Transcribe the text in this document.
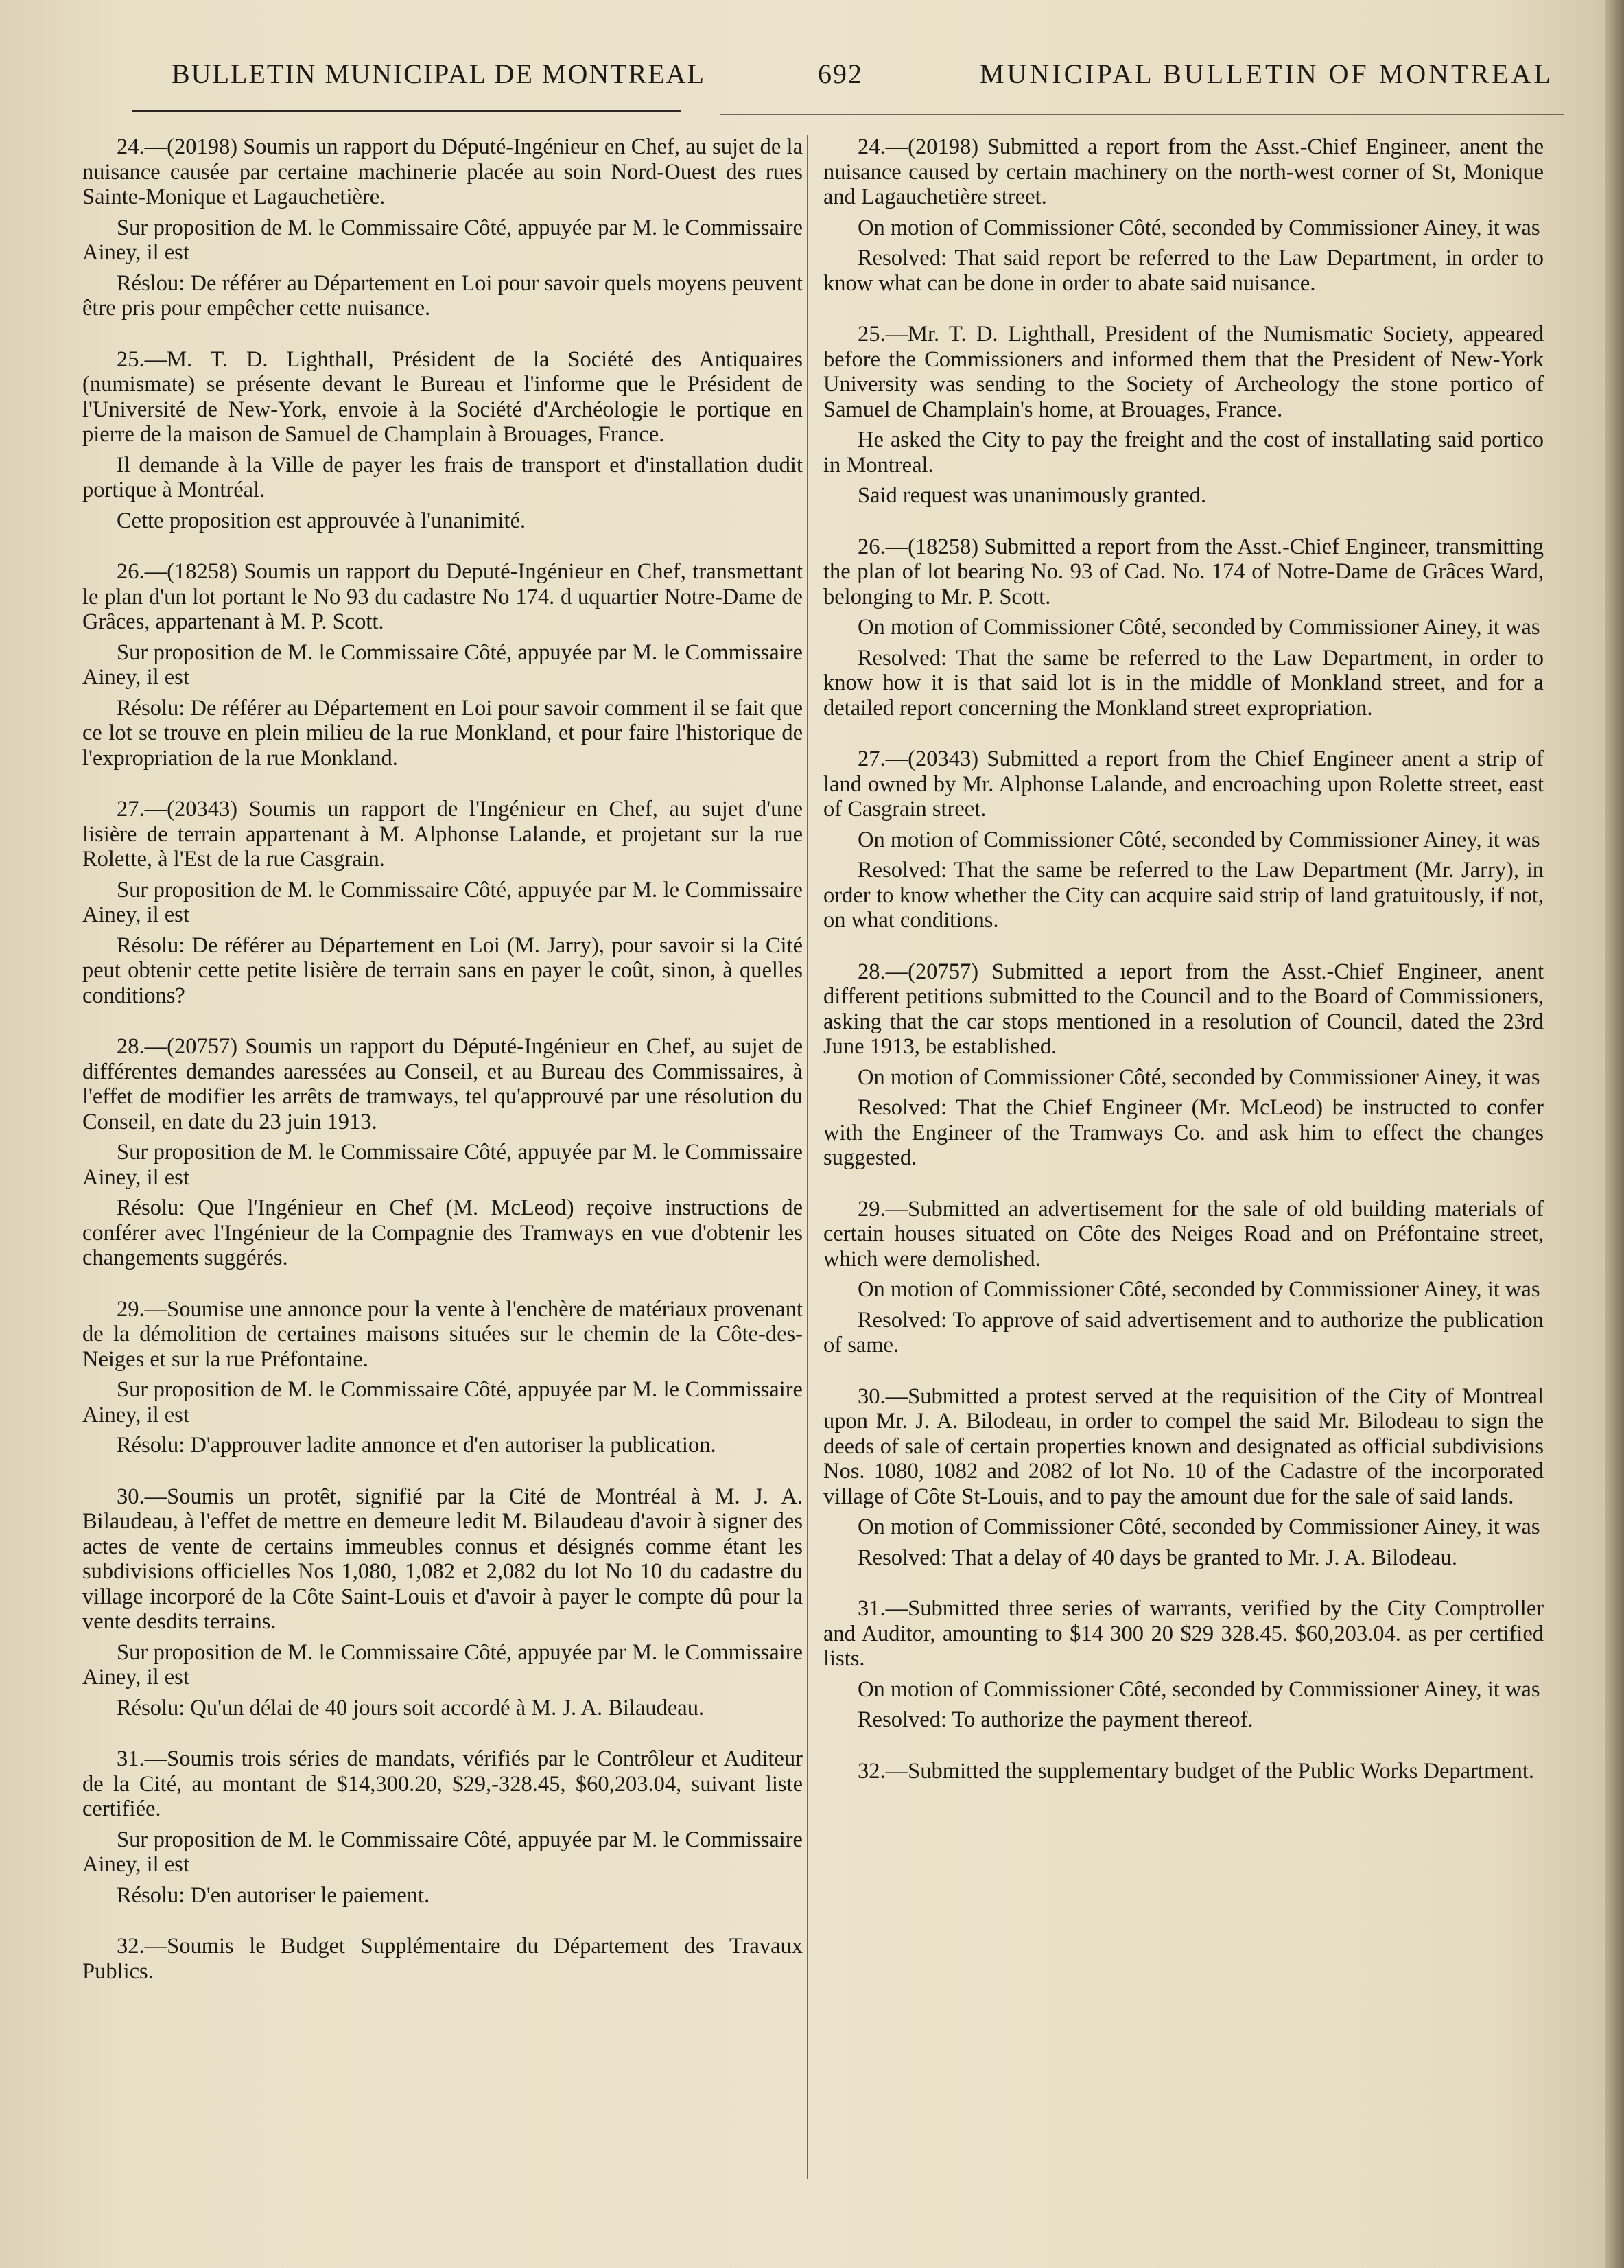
BULLETIN MUNICIPAL DE MONTREAL	692	MUNICIPAL BULLETIN OF MONTREAL

24.—(20198) Soumis un rapport du Député-Ingénieur en Chef, au sujet de la nuisance causée par certaine machinerie placée au soin Nord-Ouest des rues Sainte-Monique et Lagauchetière.

Sur proposition de M. le Commissaire Côté, appuyée par M. le Commissaire Ainey, il est

Réslou: De référer au Département en Loi pour savoir quels moyens peuvent être pris pour empêcher cette nuisance.

25.—M. T. D. Lighthall, Président de la Société des Antiquaires (numismate) se présente devant le Bureau et l'informe que le Président de l'Université de New-York, envoie à la Société d'Archéologie le portique en pierre de la maison de Samuel de Champlain à Brouages, France.

Il demande à la Ville de payer les frais de transport et d'installation dudit portique à Montréal.

Cette proposition est approuvée à l'unanimité.

26.—(18258) Soumis un rapport du Deputé-Ingénieur en Chef, transmettant le plan d'un lot portant le No 93 du cadastre No 174. d uquartier Notre-Dame de Grâces, appartenant à M. P. Scott.

Sur proposition de M. le Commissaire Côté, appuyée par M. le Commissaire Ainey, il est

Résolu: De référer au Département en Loi pour savoir comment il se fait que ce lot se trouve en plein milieu de la rue Monkland, et pour faire l'historique de l'expropriation de la rue Monkland.

27.—(20343) Soumis un rapport de l'Ingénieur en Chef, au sujet d'une lisière de terrain appartenant à M. Alphonse Lalande, et projetant sur la rue Rolette, à l'Est de la rue Casgrain.

Sur proposition de M. le Commissaire Côté, appuyée par M. le Commissaire Ainey, il est

Résolu: De référer au Département en Loi (M. Jarry), pour savoir si la Cité peut obtenir cette petite lisière de terrain sans en payer le coût, sinon, à quelles conditions?

28.—(20757) Soumis un rapport du Député-Ingénieur en Chef, au sujet de différentes demandes aaressées au Conseil, et au Bureau des Commissaires, à l'effet de modifier les arrêts de tramways, tel qu'approuvé par une résolution du Conseil, en date du 23 juin 1913.

Sur proposition de M. le Commissaire Côté, appuyée par M. le Commissaire Ainey, il est

Résolu: Que l'Ingénieur en Chef (M. McLeod) reçoive instructions de conférer avec l'Ingénieur de la Compagnie des Tramways en vue d'obtenir les changements suggérés.

29.—Soumise une annonce pour la vente à l'enchère de matériaux provenant de la démolition de certaines maisons situées sur le chemin de la Côte-des-Neiges et sur la rue Préfontaine.

Sur proposition de M. le Commissaire Côté, appuyée par M. le Commissaire Ainey, il est

Résolu: D'approuver ladite annonce et d'en autoriser la publication.

30.—Soumis un protêt, signifié par la Cité de Montréal à M. J. A. Bilaudeau, à l'effet de mettre en demeure ledit M. Bilaudeau d'avoir à signer des actes de vente de certains immeubles connus et désignés comme étant les subdivisions officielles Nos 1,080, 1,082 et 2,082 du lot No 10 du cadastre du village incorporé de la Côte Saint-Louis et d'avoir à payer le compte dû pour la vente desdits terrains.

Sur proposition de M. le Commissaire Côté, appuyée par M. le Commissaire Ainey, il est

Résolu: Qu'un délai de 40 jours soit accordé à M. J. A. Bilaudeau.

31.—Soumis trois séries de mandats, vérifiés par le Contrôleur et Auditeur de la Cité, au montant de $14,300.20, $29,-328.45, $60,203.04, suivant liste certifiée.

Sur proposition de M. le Commissaire Côté, appuyée par M. le Commissaire Ainey, il est

Résolu: D'en autoriser le paiement.

32.—Soumis le Budget Supplémentaire du Département des Travaux Publics.

24.—(20198) Submitted a report from the Asst.-Chief Engineer, anent the nuisance caused by certain machinery on the north-west corner of St, Monique and Lagauchetière street.

On motion of Commissioner Côté, seconded by Commissioner Ainey, it was

Resolved: That said report be referred to the Law Department, in order to know what can be done in order to abate said nuisance.

25.—Mr. T. D. Lighthall, President of the Numismatic Society, appeared before the Commissioners and informed them that the President of New-York University was sending to the Society of Archeology the stone portico of Samuel de Champlain's home, at Brouages, France.

He asked the City to pay the freight and the cost of installating said portico in Montreal.

Said request was unanimously granted.

26.—(18258) Submitted a report from the Asst.-Chief Engineer, transmitting the plan of lot bearing No. 93 of Cad. No. 174 of Notre-Dame de Grâces Ward, belonging to Mr. P. Scott.

On motion of Commissioner Côté, seconded by Commissioner Ainey, it was

Resolved: That the same be referred to the Law Department, in order to know how it is that said lot is in the middle of Monkland street, and for a detailed report concerning the Monkland street expropriation.

27.—(20343) Submitted a report from the Chief Engineer anent a strip of land owned by Mr. Alphonse Lalande, and encroaching upon Rolette street, east of Casgrain street.

On motion of Commissioner Côté, seconded by Commissioner Ainey, it was

Resolved: That the same be referred to the Law Department (Mr. Jarry), in order to know whether the City can acquire said strip of land gratuitously, if not, on what conditions.

28.—(20757) Submitted a ıeport from the Asst.-Chief Engineer, anent different petitions submitted to the Council and to the Board of Commissioners, asking that the car stops mentioned in a resolution of Council, dated the 23rd June 1913, be established.

On motion of Commissioner Côté, seconded by Commissioner Ainey, it was

Resolved: That the Chief Engineer (Mr. McLeod) be instructed to confer with the Engineer of the Tramways Co. and ask him to effect the changes suggested.

29.—Submitted an advertisement for the sale of old building materials of certain houses situated on Côte des Neiges Road and on Préfontaine street, which were demolished.

On motion of Commissioner Côté, seconded by Commissioner Ainey, it was

Resolved: To approve of said advertisement and to authorize the publication of same.

30.—Submitted a protest served at the requisition of the City of Montreal upon Mr. J. A. Bilodeau, in order to compel the said Mr. Bilodeau to sign the deeds of sale of certain properties known and designated as official subdivisions Nos. 1080, 1082 and 2082 of lot No. 10 of the Cadastre of the incorporated village of Côte St-Louis, and to pay the amount due for the sale of said lands.

On motion of Commissioner Côté, seconded by Commissioner Ainey, it was

Resolved: That a delay of 40 days be granted to Mr. J. A. Bilodeau.

31.—Submitted three series of warrants, verified by the City Comptroller and Auditor, amounting to $14 300 20 $29 328.45. $60,203.04. as per certified lists.

On motion of Commissioner Côté, seconded by Commissioner Ainey, it was

Resolved: To authorize the payment thereof.

32.—Submitted the supplementary budget of the Public Works Department.
